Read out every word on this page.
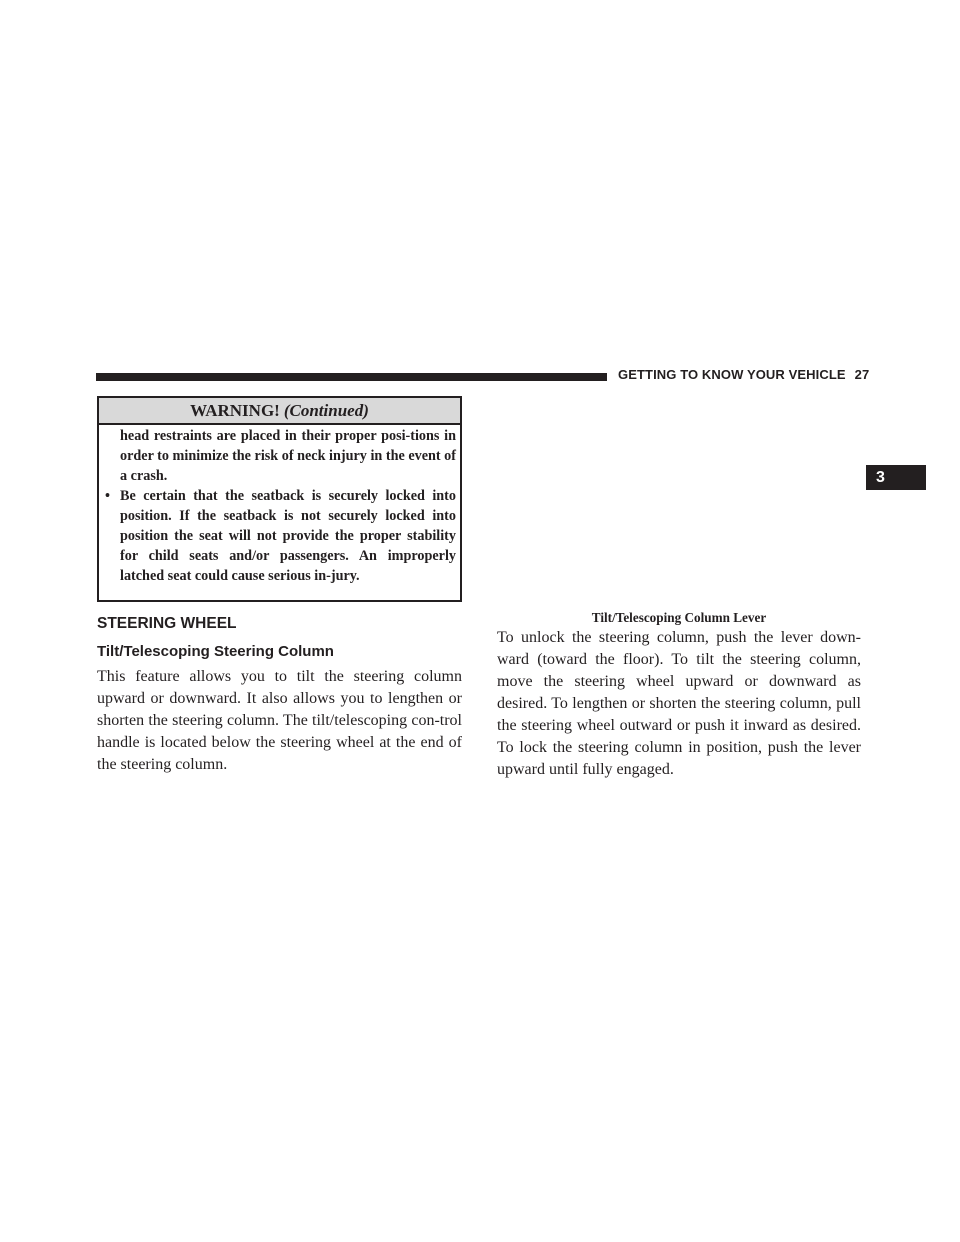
GETTING TO KNOW YOUR VEHICLE 27
3
WARNING! (Continued)

head restraints are placed in their proper posi-tions in order to minimize the risk of neck injury in the event of a crash.

• Be certain that the seatback is securely locked into position. If the seatback is not securely locked into position the seat will not provide the proper stability for child seats and/or passengers. An improperly latched seat could cause serious in-jury.

STEERING WHEEL
Tilt/Telescoping Steering Column

This feature allows you to tilt the steering column upward or downward. It also allows you to lengthen or shorten the steering column. The tilt/telescoping con-trol handle is located below the steering wheel at the end of the steering column.

Tilt/Telescoping Column Lever

To unlock the steering column, push the lever down-ward (toward the floor). To tilt the steering column, move the steering wheel upward or downward as desired. To lengthen or shorten the steering column, pull the steering wheel outward or push it inward as desired. To lock the steering column in position, push the lever upward until fully engaged.
